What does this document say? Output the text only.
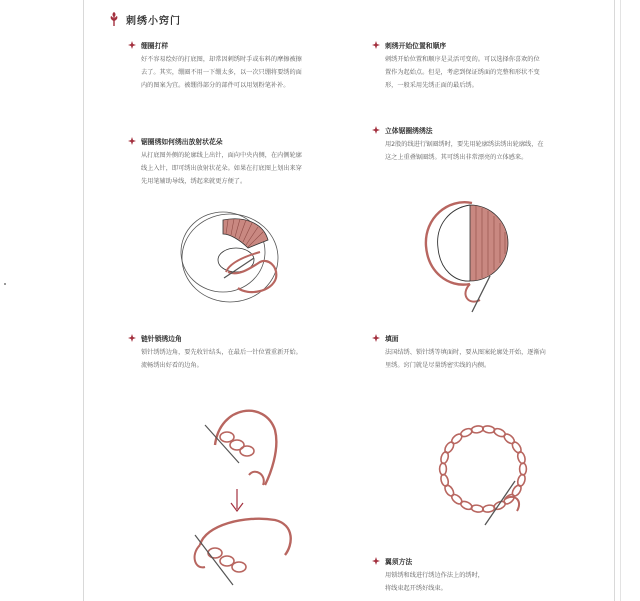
刺绣小窍门
绷圈打样
好不容易绘好的打底图，却常因刺绣时手或布料的摩擦被擦
去了。其实，绷圈不用一下绷太多，以一次只绷将要绣的面
内的图案为宜。被绷得部分的部件可以用划粉笔补补。
刺绣开始位置和顺序
刺绣开始位置和顺序是灵活可变的。可以选择你喜欢的位
置作为起始点。但是，考虑到保证绣面的完整和形状不变
形，一般采用先绣正面的最后绣。
锯圈绣如何绣出放射状花朵
从打底图外侧的轮廓线上出针，面向中央内侧，在内侧轮廓
线上入针，即可绣出放射状花朵。如果在打底图上划出来穿
先用笔辅助导线，绣起来就更方便了。
立体锯圈绣绣法
用2股的线进行锯圈绣时，要先用轮廓绣法绣出轮廓线，在
这之上重叠锯圈绣。其可绣出非常漂亮的立体感来。
链针锁绣边角
锁针绣绣边角，要先收针结头，在最后一针位置重新开始。
流畅绣出好看的边角。
填面
法国结绣、锁针绣等填面时，要从图案轮廓处开始，逐渐向
里绣。窍门就是尽量绣密实线的内侧。
翼须方法
用锁绣和线进行绣边作法上的绣时，
将线束起开绣好线束。
